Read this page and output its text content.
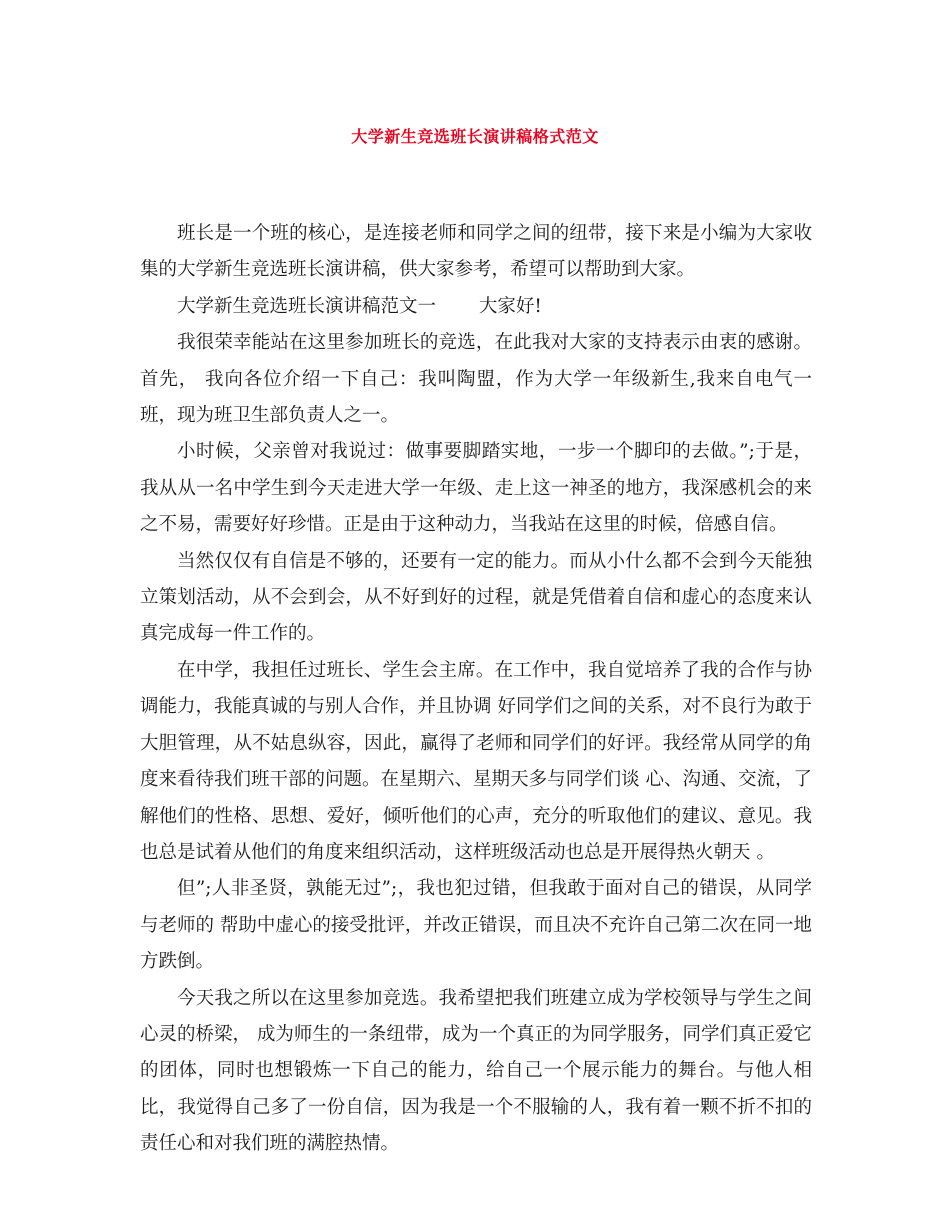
大学新生竞选班长演讲稿格式范文

班长是一个班的核心，是连接老师和同学之间的纽带，接下来是小编为大家收集的大学新生竞选班长演讲稿，供大家参考，希望可以帮助到大家。

大学新生竞选班长演讲稿范文一　　 大家好!

我很荣幸能站在这里参加班长的竞选，在此我对大家的支持表示由衷的感谢。首先， 我向各位介绍一下自己：我叫陶盟，作为大学一年级新生,我来自电气一班，现为班卫生部负责人之一。

小时候，父亲曾对我说过：做事要脚踏实地，一步一个脚印的去做。”;于是，我从从一名中学生到今天走进大学一年级、走上这一神圣的地方，我深感机会的来之不易，需要好好珍惜。正是由于这种动力，当我站在这里的时候，倍感自信。

当然仅仅有自信是不够的，还要有一定的能力。而从小什么都不会到今天能独立策划活动，从不会到会，从不好到好的过程，就是凭借着自信和虚心的态度来认真完成每一件工作的。

在中学，我担任过班长、学生会主席。在工作中，我自觉培养了我的合作与协调能力，我能真诚的与别人合作，并且协调 好同学们之间的关系，对不良行为敢于大胆管理，从不姑息纵容，因此，赢得了老师和同学们的好评。我经常从同学的角度来看待我们班干部的问题。在星期六、星期天多与同学们谈 心、沟通、交流，了解他们的性格、思想、爱好，倾听他们的心声，充分的听取他们的建议、意见。我也总是试着从他们的角度来组织活动，这样班级活动也总是开展得热火朝天 。

但”;人非圣贤，孰能无过”;，我也犯过错，但我敢于面对自己的错误，从同学与老师的 帮助中虚心的接受批评，并改正错误，而且决不充许自己第二次在同一地方跌倒。

今天我之所以在这里参加竞选。我希望把我们班建立成为学校领导与学生之间心灵的桥梁， 成为师生的一条纽带，成为一个真正的为同学服务，同学们真正爱它的团体，同时也想锻炼一下自己的能力，给自己一个展示能力的舞台。与他人相比，我觉得自己多了一份自信，因为我是一个不服输的人，我有着一颗不折不扣的责任心和对我们班的满腔热情。
